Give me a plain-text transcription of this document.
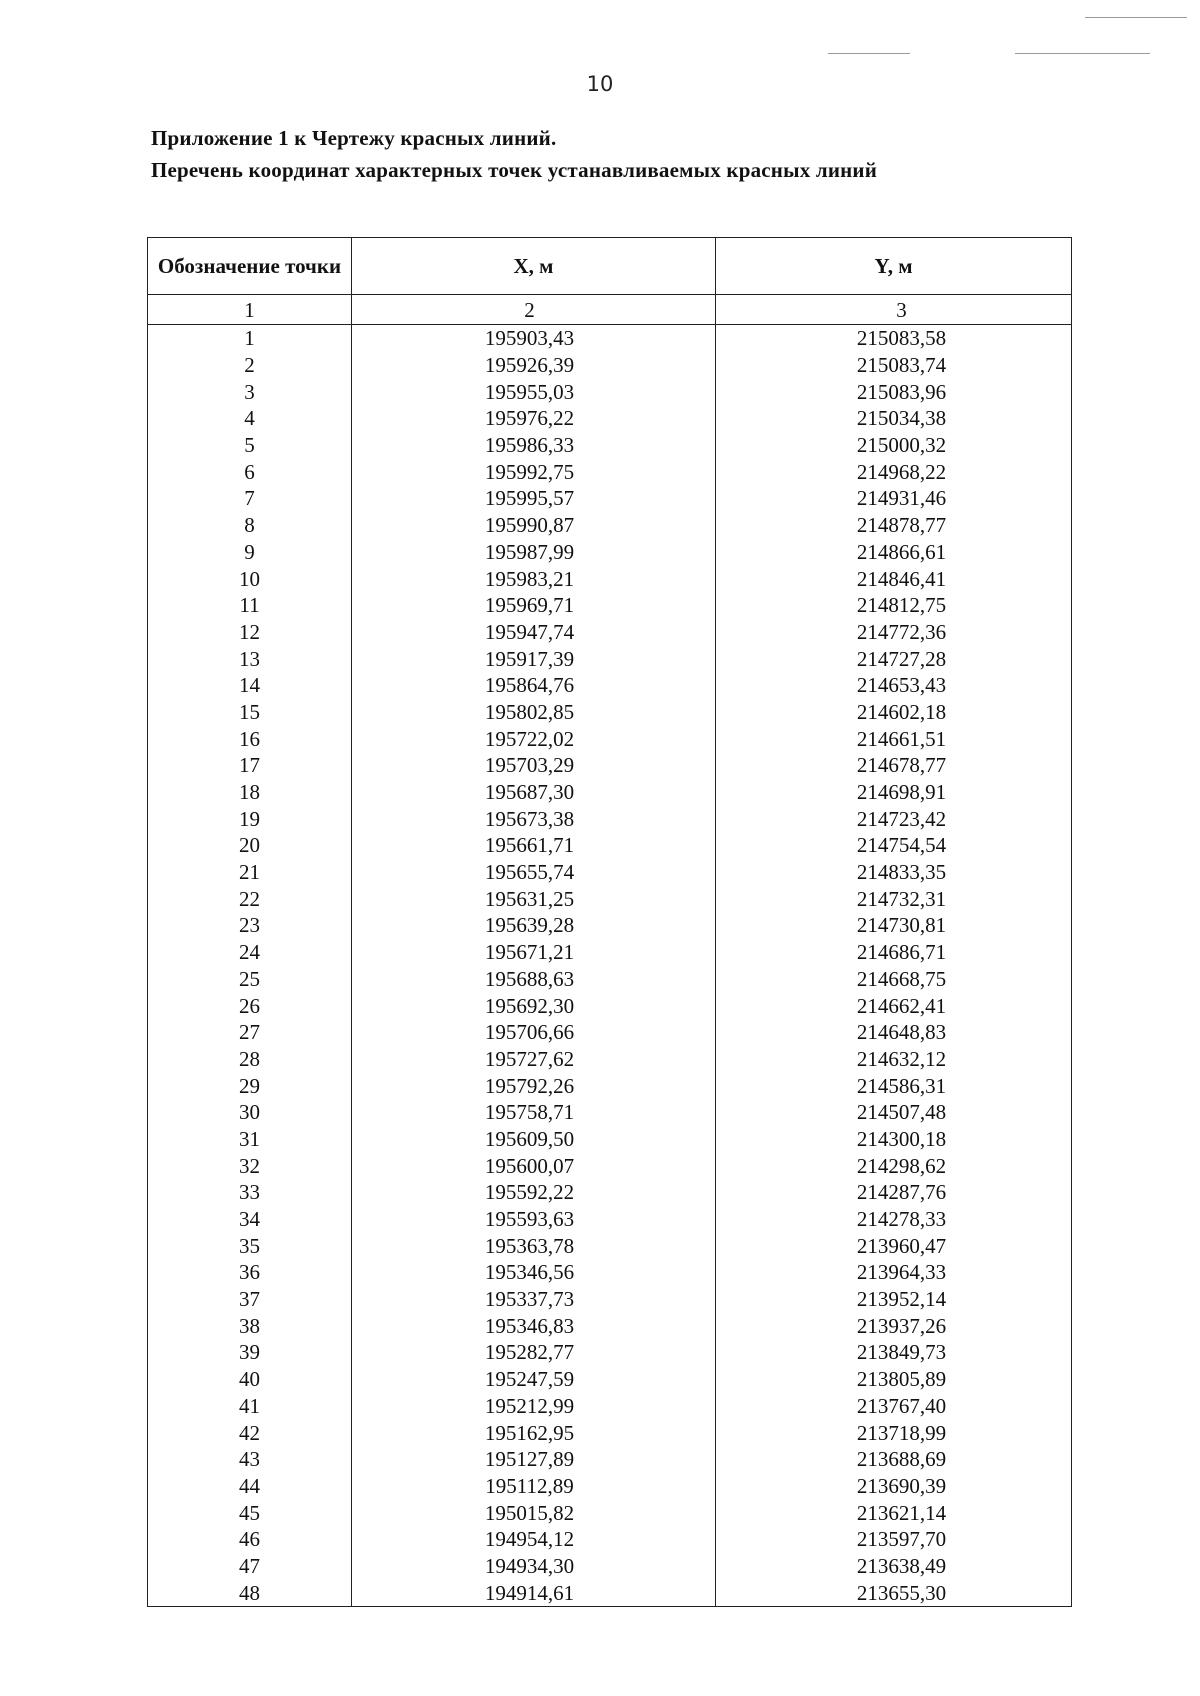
10
Приложение 1 к Чертежу красных линий.
Перечень координат характерных точек устанавливаемых красных линий
Обозначение точки	X, м	Y, м
1	2	3
1	195903,43	215083,58
2	195926,39	215083,74
3	195955,03	215083,96
4	195976,22	215034,38
5	195986,33	215000,32
6	195992,75	214968,22
7	195995,57	214931,46
8	195990,87	214878,77
9	195987,99	214866,61
10	195983,21	214846,41
11	195969,71	214812,75
12	195947,74	214772,36
13	195917,39	214727,28
14	195864,76	214653,43
15	195802,85	214602,18
16	195722,02	214661,51
17	195703,29	214678,77
18	195687,30	214698,91
19	195673,38	214723,42
20	195661,71	214754,54
21	195655,74	214833,35
22	195631,25	214732,31
23	195639,28	214730,81
24	195671,21	214686,71
25	195688,63	214668,75
26	195692,30	214662,41
27	195706,66	214648,83
28	195727,62	214632,12
29	195792,26	214586,31
30	195758,71	214507,48
31	195609,50	214300,18
32	195600,07	214298,62
33	195592,22	214287,76
34	195593,63	214278,33
35	195363,78	213960,47
36	195346,56	213964,33
37	195337,73	213952,14
38	195346,83	213937,26
39	195282,77	213849,73
40	195247,59	213805,89
41	195212,99	213767,40
42	195162,95	213718,99
43	195127,89	213688,69
44	195112,89	213690,39
45	195015,82	213621,14
46	194954,12	213597,70
47	194934,30	213638,49
48	194914,61	213655,30
